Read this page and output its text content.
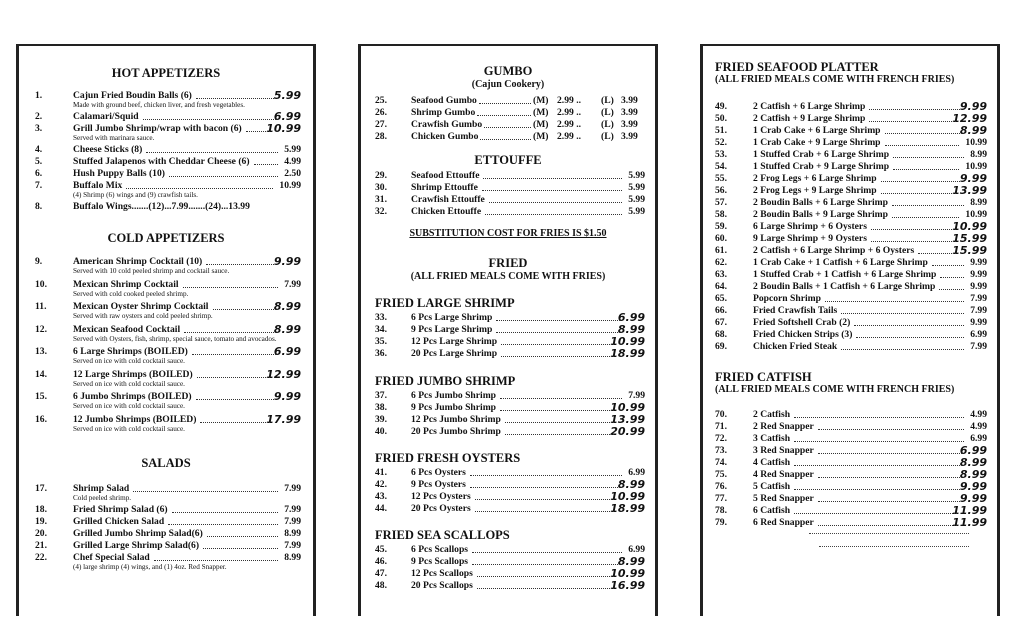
HOT APPETIZERS
COLD APPETIZERS
SALADS
1.	Cajun Fried Boudin Balls (6)	5.99
Made with ground beef, chicken liver, and fresh vegetables.
2.	Calamari/Squid	6.99
3.	Grill Jumbo Shrimp/wrap with bacon (6) 10.99
Served with marinara sauce.
4.	Cheese Sticks (8)	5.99
5.	Stuffed Jalapenos with Cheddar Cheese (6)	4.99
6.	Hush Puppy Balls (10)	2.50
7.	Buffalo Mix	10.99
(4) Shrimp (6) wings and (9) crawfish tails.
8.	Buffalo Wings.......(12)...7.99.......(24)...13.99
9.	American Shrimp Cocktail (10)	9.99
Served with 10 cold peeled shrimp and cocktail sauce.
10.	Mexican Shrimp Cocktail	7.99
Served with cold cooked peeled shrimp.
11.	Mexican Oyster Shrimp Cocktail	8.99
Served with raw oysters and cold peeled shrimp.
12.	Mexican Seafood Cocktail	8.99
Served with Oysters, fish, shrimp, special sauce, tomato and avocados.
13.	6 Large Shrimps (BOILED)	6.99
Served on ice with cold cocktail sauce.
14.	12 Large Shrimps (BOILED)	12.99
Served on ice with cold cocktail sauce.
15.	6 Jumbo Shrimps (BOILED)	9.99
Served on ice with cold cocktail sauce.
16.	12 Jumbo Shrimps (BOILED)	17.99
Served on ice with cold cocktail sauce.
17.	Shrimp Salad	7.99
Cold peeled shrimp.
18.	Fried Shrimp Salad (6)	7.99
19.	Grilled Chicken Salad	7.99
20.	Grilled Jumbo Shrimp Salad(6)	8.99
21.	Grilled Large Shrimp Salad(6)	7.99
22.	Chef Special Salad	8.99
(4) large shrimp (4) wings, and (1) 4oz. Red Snapper.
GUMBO
(Cajun Cookery)
ETTOUFFE
SUBSTITUTION COST FOR FRIES IS $1.50
FRIED
(ALL FRIED MEALS COME WITH FRIES)
FRIED LARGE SHRIMP
FRIED JUMBO SHRIMP
FRIED FRESH OYSTERS
FRIED SEA SCALLOPS
25.	Seafood Gumbo	(M) 2.99 .. (L) 3.99
26.	Shrimp Gumbo	(M) 2.99 .. (L) 3.99
27.	Crawfish Gumbo	(M) 2.99 .. (L) 3.99
28.	Chicken Gumbo	(M) 2.99 .. (L) 3.99
29.	Seafood Ettouffe	5.99
30.	Shrimp Ettouffe	5.99
31.	Crawfish Ettouffe	5.99
32.	Chicken Ettouffe	5.99
33.	6 Pcs Large Shrimp	6.99
34.	9 Pcs Large Shrimp	8.99
35.	12 Pcs Large Shrimp	10.99
36.	20 Pcs Large Shrimp	18.99
37.	6 Pcs Jumbo Shrimp	7.99
38.	9 Pcs Jumbo Shrimp	10.99
39.	12 Pcs Jumbo Shrimp	13.99
40.	20 Pcs Jumbo Shrimp	20.99
41.	6 Pcs Oysters	6.99
42.	9 Pcs Oysters	8.99
43.	12 Pcs Oysters	10.99
44.	20 Pcs Oysters	18.99
45.	6 Pcs Scallops	6.99
46.	9 Pcs Scallops	8.99
47.	12 Pcs Scallops	10.99
48.	20 Pcs Scallops	16.99
FRIED SEAFOOD PLATTER
(ALL FRIED MEALS COME WITH FRENCH FRIES)
FRIED CATFISH
(ALL FRIED MEALS COME WITH FRENCH FRIES)
49.	2 Catfish + 6 Large Shrimp	9.99
50.	2 Catfish + 9 Large Shrimp	12.99
51.	1 Crab Cake + 6 Large Shrimp	8.99
52.	1 Crab Cake + 9 Large Shrimp	10.99
53.	1 Stuffed Crab + 6 Large Shrimp	8.99
54.	1 Stuffed Crab + 9 Large Shrimp	10.99
55.	2 Frog Legs + 6 Large Shrimp	9.99
56.	2 Frog Legs + 9 Large Shrimp	13.99
57.	2 Boudin Balls + 6 Large Shrimp	8.99
58.	2 Boudin Balls + 9 Large Shrimp	10.99
59.	6 Large Shrimp + 6 Oysters	10.99
60.	9 Large Shrimp + 9 Oysters	15.99
61.	2 Catfish + 6 Large Shrimp + 6 Oysters	15.99
62.	1 Crab Cake + 1 Catfish + 6 Large Shrimp	9.99
63.	1 Stuffed Crab + 1 Catfish + 6 Large Shrimp	9.99
64.	2 Boudin Balls + 1 Catfish + 6 Large Shrimp	9.99
65.	Popcorn Shrimp	7.99
66.	Fried Crawfish Tails	7.99
67.	Fried Softshell Crab (2)	9.99
68.	Fried Chicken Strips (3)	6.99
69.	Chicken Fried Steak	7.99
70.	2 Catfish	4.99
71.	2 Red Snapper	4.99
72.	3 Catfish	6.99
73.	3 Red Snapper	6.99
74.	4 Catfish	8.99
75.	4 Red Snapper	8.99
76.	5 Catfish	9.99
77.	5 Red Snapper	9.99
78.	6 Catfish	11.99
79.	6 Red Snapper	11.99
